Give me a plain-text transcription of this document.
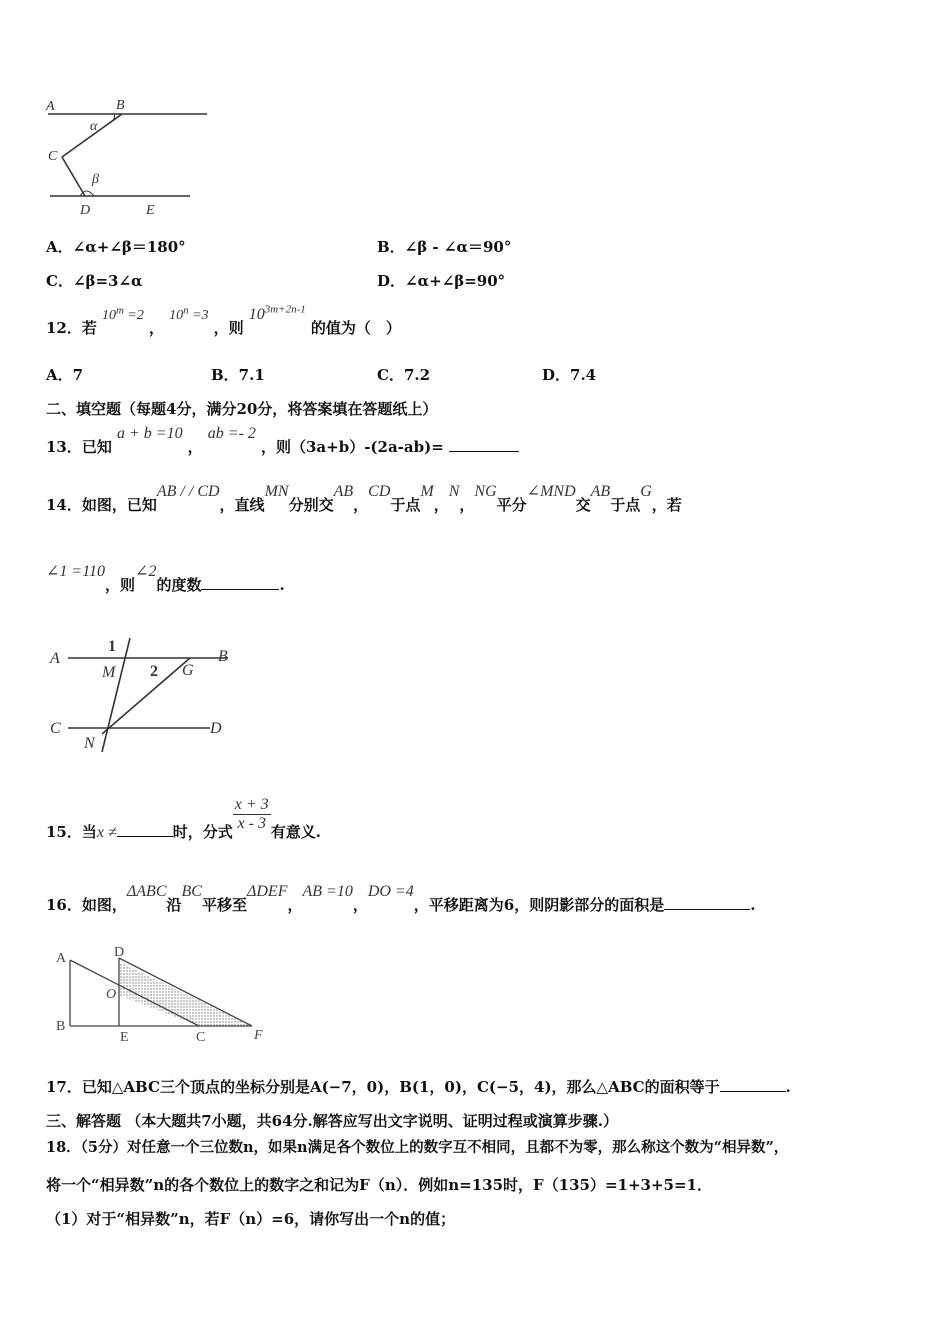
A	B
α
C
β
D	E
A．∠α+∠β＝180°	B．∠β - ∠α＝90°
C．∠β=3∠α	D．∠α+∠β=90°
12．若 $10^m =2$ ， $10^n =3$ ，则 $10^{3m+2n-1}$ 的值为（　）
A．7	B．7.1	C．7.2	D．7.4
二、填空题（每题4分，满分20分，将答案填在答题纸上）
13．已知 a + b =10 ， ab =- 2 ，则（3a+b）-(2a-ab)=
14．如图，已知AB / / CD，直线MN分别交AB，CD于点M，N，NG平分∠MND交AB于点G，若
∠1 =110，则∠2的度数	.
A
1
B
M 2 G
C	D
N
15．当x ≠	时，分式 $\frac{x + 3}{x - 3}$ 有意义.
16．如图，ΔABC沿BC平移至ΔDEF，AB =10，DO =4，平移距离为6，则阴影部分的面积是	.
A	D
O
B
E	C	F
17．已知△ABC三个顶点的坐标分别是A(−7，0)，B(1，0)，C(−5，4)，那么△ABC的面积等于	.
三、解答题 （本大题共7小题，共64分.解答应写出文字说明、证明过程或演算步骤.）
18．（5分）对任意一个三位数n，如果n满足各个数位上的数字互不相同，且都不为零，那么称这个数为“相异数”，
将一个“相异数”n的各个数位上的数字之和记为F（n）．例如n=135时，F（135）=1+3+5=1．
（1）对于“相异数”n，若F（n）=6，请你写出一个n的值；
